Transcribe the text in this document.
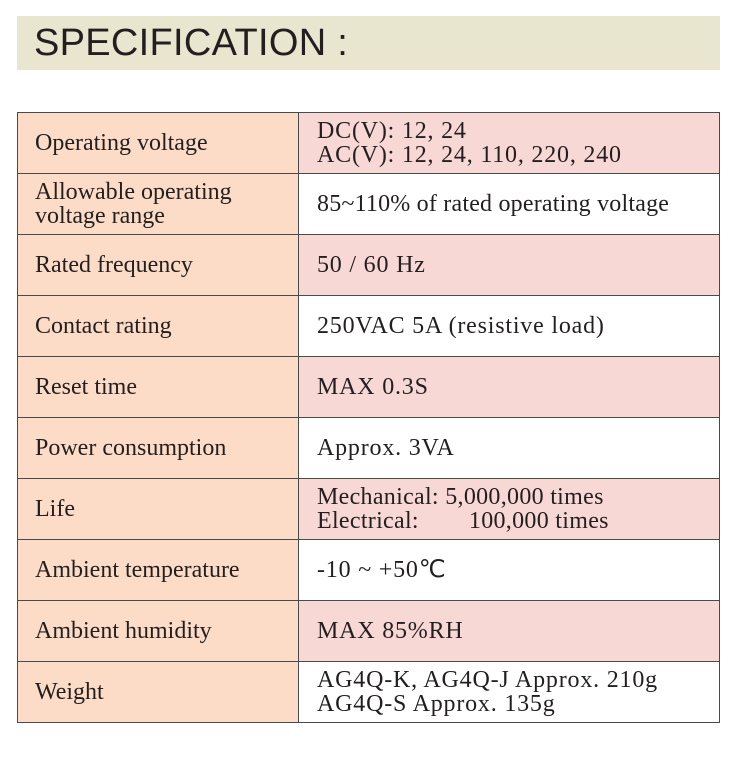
SPECIFICATION :
Operating voltage	DC(V): 12, 24
AC(V): 12, 24, 110, 220, 240

Allowable operating
voltage range	85~110% of rated operating voltage
Rated frequency	50 / 60 Hz
Contact rating	250VAC 5A (resistive load)
Reset time	MAX 0.3S
Power consumption	Approx. 3VA
Life	Mechanical: 5,000,000 times
Electrical: 100,000 times

Ambient temperature	-10 ~ +50℃
Ambient humidity	MAX 85%RH
Weight	AG4Q-K, AG4Q-J Approx. 210g
AG4Q-S Approx. 135g
